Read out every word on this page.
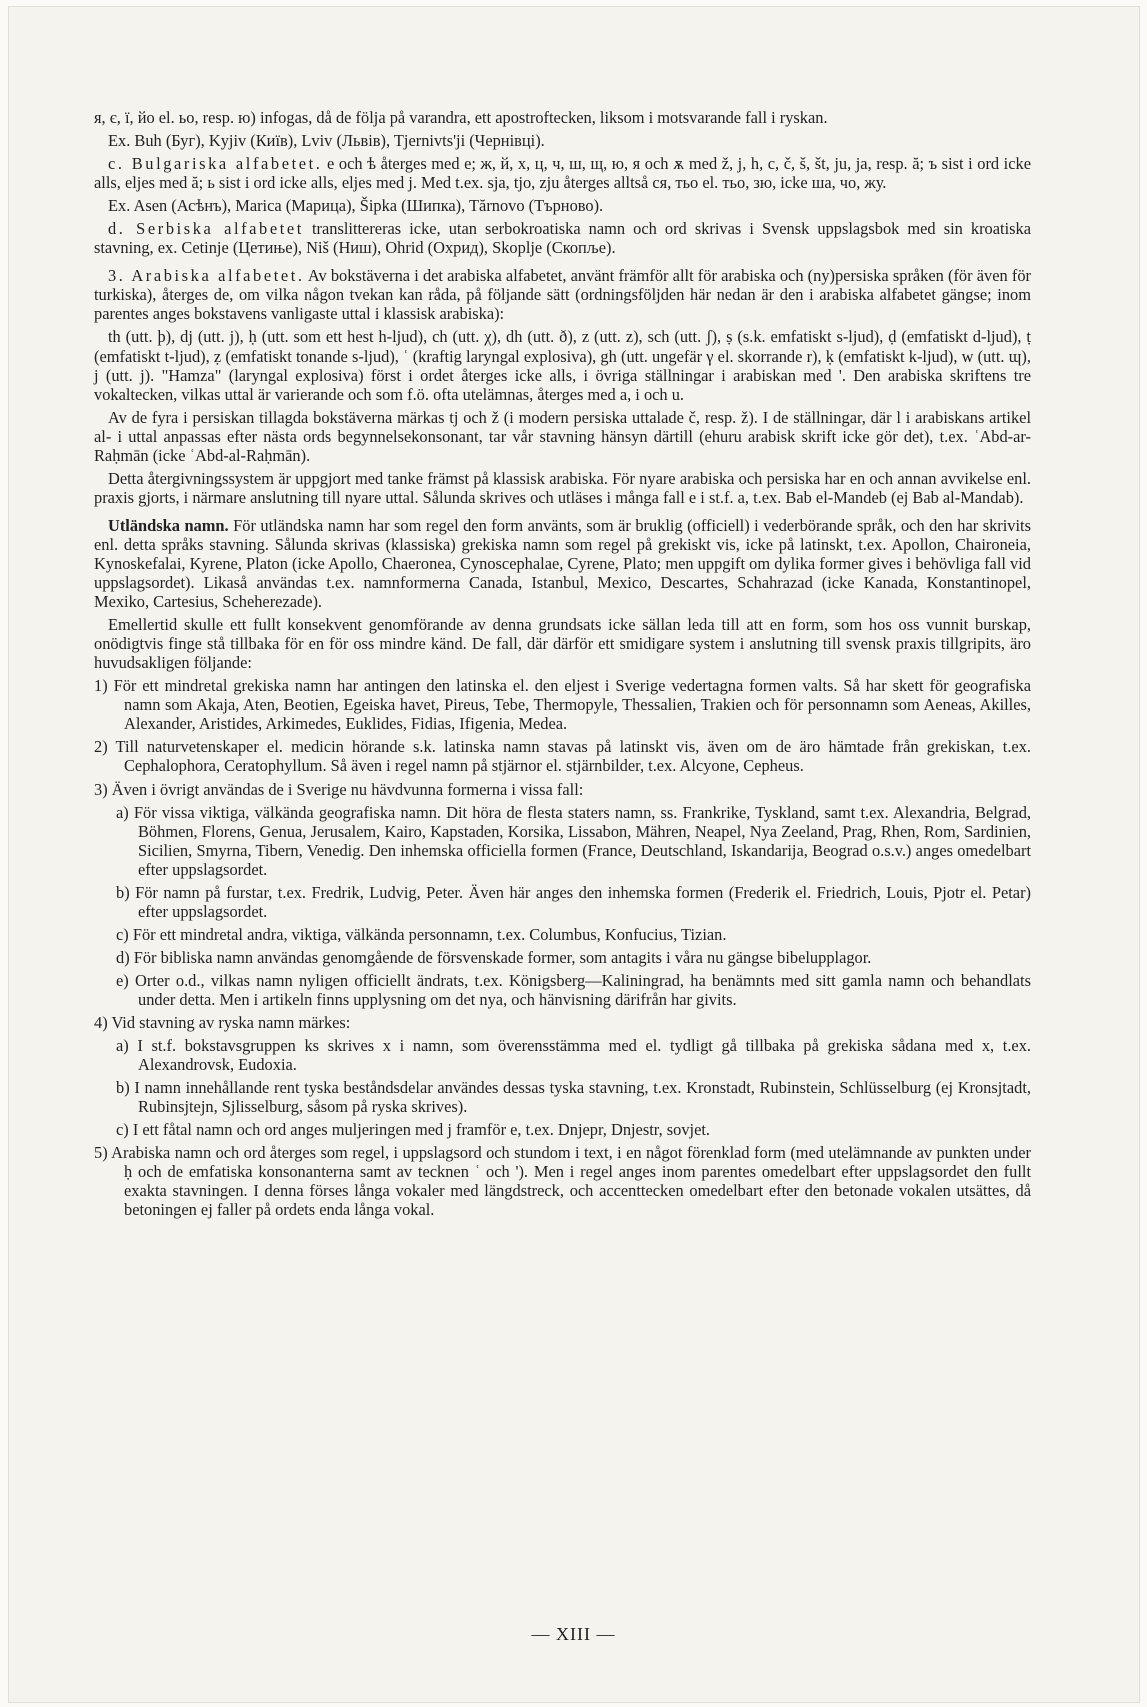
я, є, ї, йо el. ьо, resp. ю) infogas, då de följa på varandra, ett apostroftecken, liksom i motsvarande fall i ryskan.

Ex. Buh (Буг), Kyjiv (Київ), Lviv (Львів), Tjernivts'ji (Чернівці).

c. Bulgariska alfabetet. e och ѣ återges med e; ж, й, х, ц, ч, ш, щ, ю, я och ѫ med ž, j, h, c, č, š, št, ju, ja, resp. ă; ъ sist i ord icke alls, eljes med ă; ь sist i ord icke alls, eljes med j. Med t.ex. sja, tjo, zju återges alltså ся, тьо el. тьо, зю, icke ша, чо, жу.

Ex. Asen (Асѣнъ), Marica (Марица), Šipka (Шипка), Tărnovo (Търново).

d. Serbiska alfabetet translittereras icke, utan serbokroatiska namn och ord skrivas i Svensk uppslagsbok med sin kroatiska stavning, ex. Cetinje (Цетиње), Niš (Ниш), Ohrid (Охрид), Skoplje (Скопље).

3. Arabiska alfabetet. Av bokstäverna i det arabiska alfabetet, använt främför allt för arabiska och (ny)persiska språken (för även för turkiska), återges de, om vilka någon tvekan kan råda, på följande sätt (ordningsföljden här nedan är den i arabiska alfabetet gängse; inom parentes anges bokstavens vanligaste uttal i klassisk arabiska):

th (utt. þ), dj (utt. j), ḥ (utt. som ett hest h-ljud), ch (utt. χ), dh (utt. ð), z (utt. z), sch (utt. ʃ), ṣ (s.k. emfatiskt s-ljud), ḍ (emfatiskt d-ljud), ṭ (emfatiskt t-ljud), ẓ (emfatiskt tonande s-ljud), ʿ (kraftig laryngal explosiva), gh (utt. ungefär γ el. skorrande r), ḳ (emfatiskt k-ljud), w (utt. ɰ), j (utt. j). "Hamza" (laryngal explosiva) först i ordet återges icke alls, i övriga ställningar i arabiskan med '. Den arabiska skriftens tre vokaltecken, vilkas uttal är varierande och som f.ö. ofta utelämnas, återges med a, i och u.

Av de fyra i persiskan tillagda bokstäverna märkas tj och ž (i modern persiska uttalade č, resp. ž). I de ställningar, där l i arabiskans artikel al- i uttal anpassas efter nästa ords begynnelsekonsonant, tar vår stavning hänsyn därtill (ehuru arabisk skrift icke gör det), t.ex. ʿAbd-ar-Raḥmān (icke ʿAbd-al-Raḥmān).

Detta återgivningssystem är uppgjort med tanke främst på klassisk arabiska. För nyare arabiska och persiska har en och annan avvikelse enl. praxis gjorts, i närmare anslutning till nyare uttal. Sålunda skrives och utläses i många fall e i st.f. a, t.ex. Bab el-Mandeb (ej Bab al-Mandab).

Utländska namn. För utländska namn har som regel den form använts, som är bruklig (officiell) i vederbörande språk, och den har skrivits enl. detta språks stavning. Sålunda skrivas (klassiska) grekiska namn som regel på grekiskt vis, icke på latinskt, t.ex. Apollon, Chaironeia, Kynoskefalai, Kyrene, Platon (icke Apollo, Chaeronea, Cynoscephalae, Cyrene, Plato; men uppgift om dylika former gives i behövliga fall vid uppslagsordet). Likaså användas t.ex. namnformerna Canada, Istanbul, Mexico, Descartes, Schahrazad (icke Kanada, Konstantinopel, Mexiko, Cartesius, Scheherezade).

Emellertid skulle ett fullt konsekvent genomförande av denna grundsats icke sällan leda till att en form, som hos oss vunnit burskap, onödigtvis finge stå tillbaka för en för oss mindre känd. De fall, där därför ett smidigare system i anslutning till svensk praxis tillgripits, äro huvudsakligen följande:

1) För ett mindretal grekiska namn har antingen den latinska el. den eljest i Sverige vedertagna formen valts. Så har skett för geografiska namn som Akaja, Aten, Beotien, Egeiska havet, Pireus, Tebe, Thermopyle, Thessalien, Trakien och för personnamn som Aeneas, Akilles, Alexander, Aristides, Arkimedes, Euklides, Fidias, Ifigenia, Medea.

2) Till naturvetenskaper el. medicin hörande s.k. latinska namn stavas på latinskt vis, även om de äro hämtade från grekiskan, t.ex. Cephalophora, Ceratophyllum. Så även i regel namn på stjärnor el. stjärnbilder, t.ex. Alcyone, Cepheus.

3) Även i övrigt användas de i Sverige nu hävdvunna formerna i vissa fall:

a) För vissa viktiga, välkända geografiska namn. Dit höra de flesta staters namn, ss. Frankrike, Tyskland, samt t.ex. Alexandria, Belgrad, Böhmen, Florens, Genua, Jerusalem, Kairo, Kapstaden, Korsika, Lissabon, Mähren, Neapel, Nya Zeeland, Prag, Rhen, Rom, Sardinien, Sicilien, Smyrna, Tibern, Venedig. Den inhemska officiella formen (France, Deutschland, Iskandarija, Beograd o.s.v.) anges omedelbart efter uppslagsordet.

b) För namn på furstar, t.ex. Fredrik, Ludvig, Peter. Även här anges den inhemska formen (Frederik el. Friedrich, Louis, Pjotr el. Petar) efter uppslagsordet.

c) För ett mindretal andra, viktiga, välkända personnamn, t.ex. Columbus, Konfucius, Tizian.

d) För bibliska namn användas genomgående de försvenskade former, som antagits i våra nu gängse bibelupplagor.

e) Orter o.d., vilkas namn nyligen officiellt ändrats, t.ex. Königsberg—Kaliningrad, ha benämnts med sitt gamla namn och behandlats under detta. Men i artikeln finns upplysning om det nya, och hänvisning därifrån har givits.

4) Vid stavning av ryska namn märkes:

a) I st.f. bokstavsgruppen ks skrives x i namn, som överensstämma med el. tydligt gå tillbaka på grekiska sådana med x, t.ex. Alexandrovsk, Eudoxia.

b) I namn innehållande rent tyska beståndsdelar användes dessas tyska stavning, t.ex. Kronstadt, Rubinstein, Schlüsselburg (ej Kronsjtadt, Rubinsjtejn, Sjlisselburg, såsom på ryska skrives).

c) I ett fåtal namn och ord anges muljeringen med j framför e, t.ex. Dnjepr, Dnjestr, sovjet.

5) Arabiska namn och ord återges som regel, i uppslagsord och stundom i text, i en något förenklad form (med utelämnande av punkten under ḥ och de emfatiska konsonanterna samt av tecknen ʿ och '). Men i regel anges inom parentes omedelbart efter uppslagsordet den fullt exakta stavningen. I denna förses långa vokaler med längdstreck, och accenttecken omedelbart efter den betonade vokalen utsättes, då betoningen ej faller på ordets enda långa vokal.

— XIII —
